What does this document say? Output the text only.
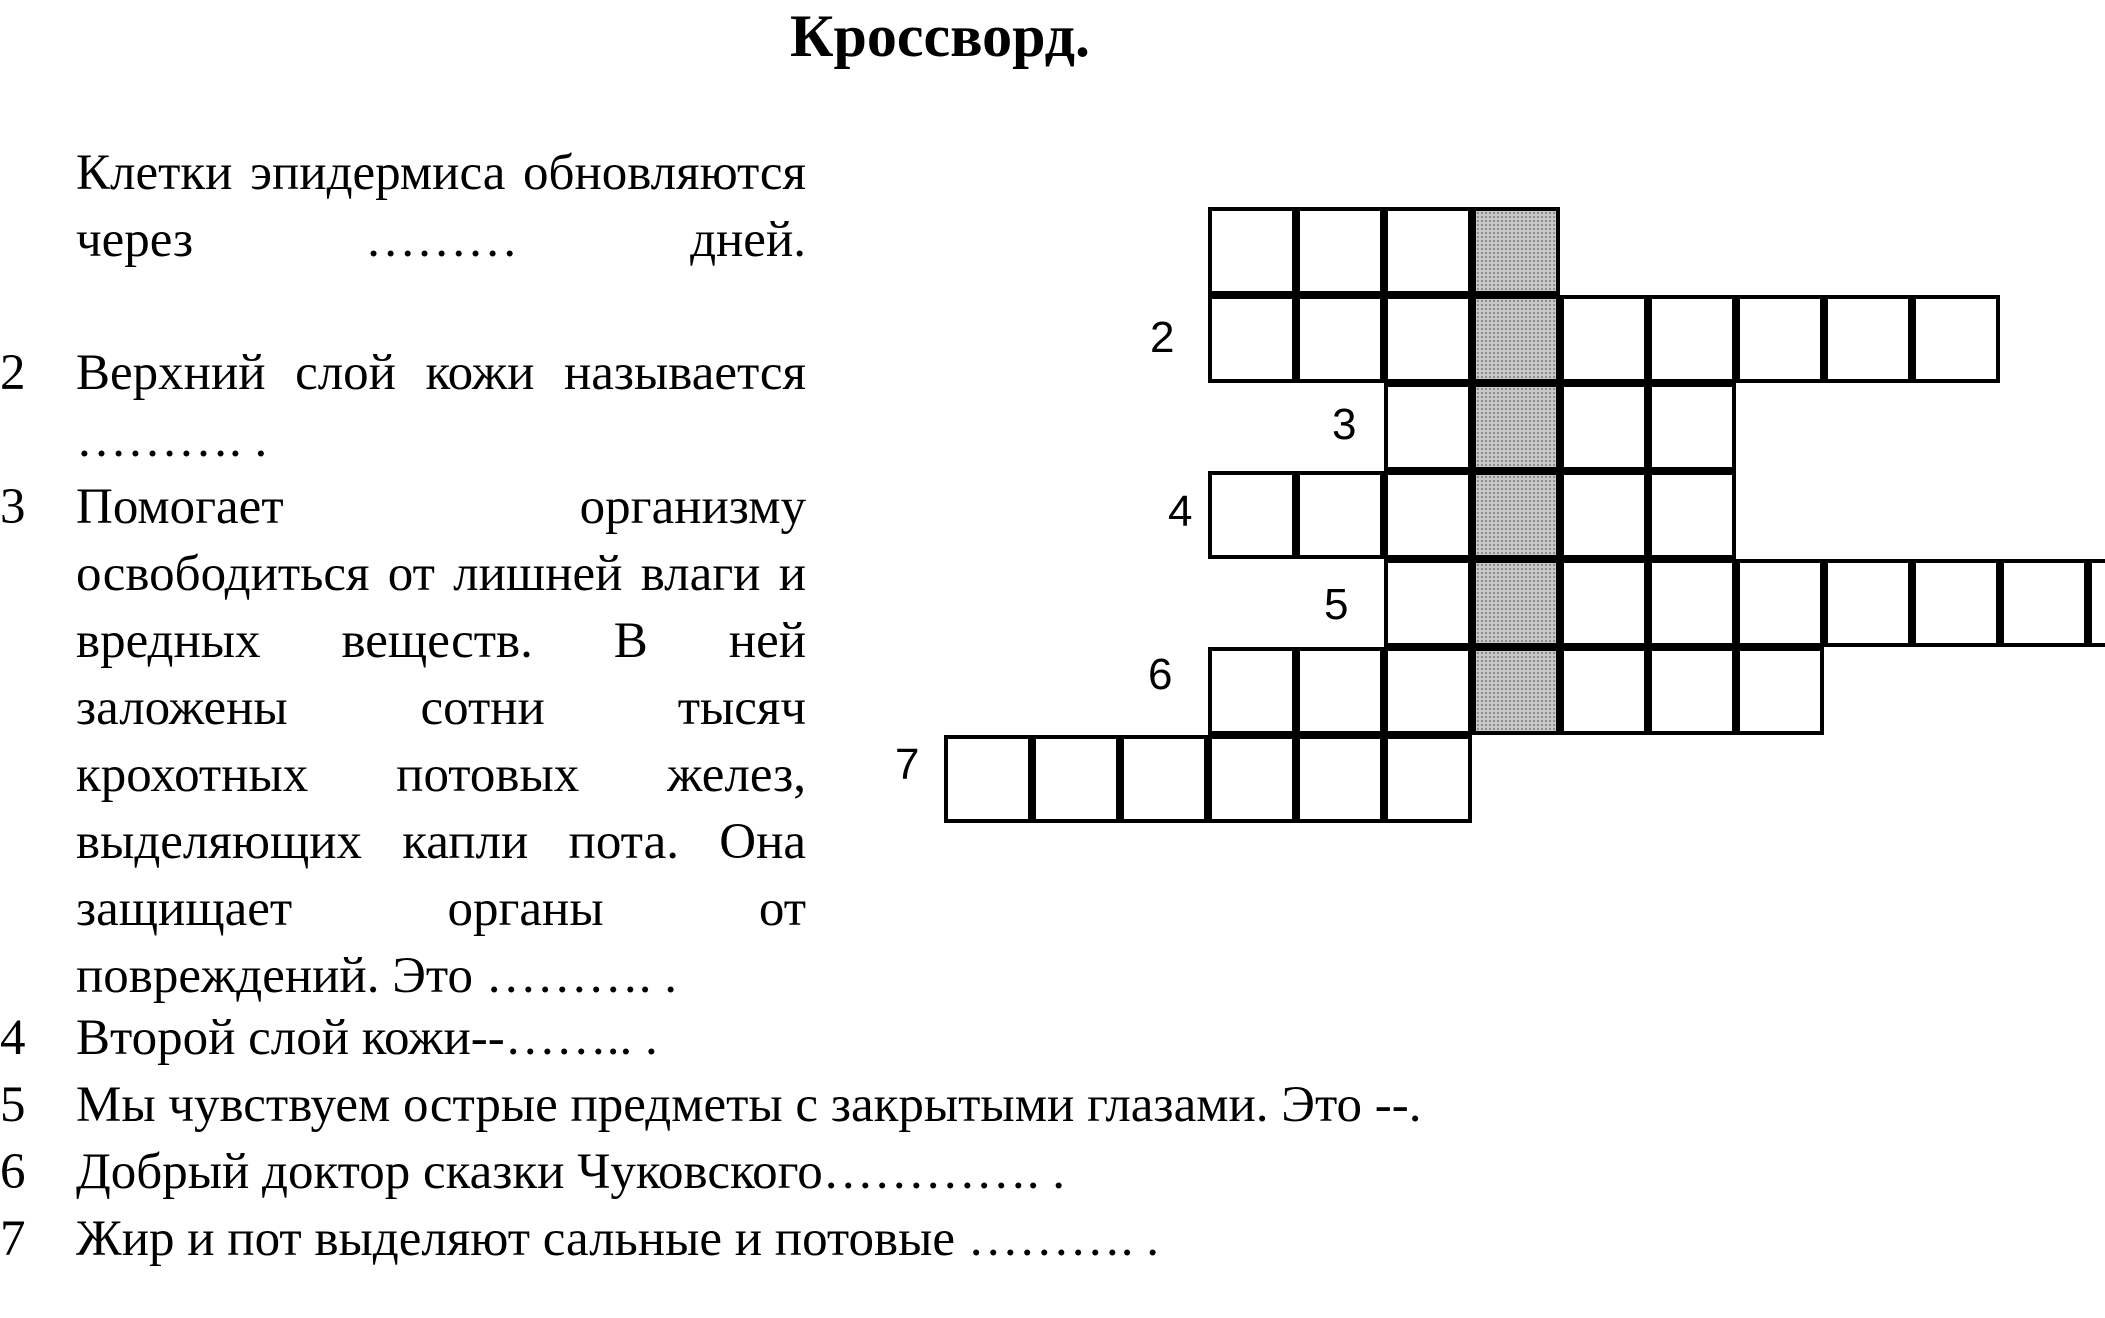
Кроссворд.
Клетки эпидермиса обновляются через ……… дней.
2 Верхний слой кожи называется ………. .
3 Помогает организму освободиться от лишней влаги и вредных веществ. В ней заложены сотни тысяч крохотных потовых желез, выделяющих капли пота. Она защищает органы от повреждений. Это ………. .
4 Второй слой кожи--…….. .
5 Мы чувствуем острые предметы с закрытыми глазами. Это --.
6 Добрый доктор сказки Чуковского…………. .
7 Жир и пот выделяют сальные и потовые ………. .
2
3
4
5
6
7
